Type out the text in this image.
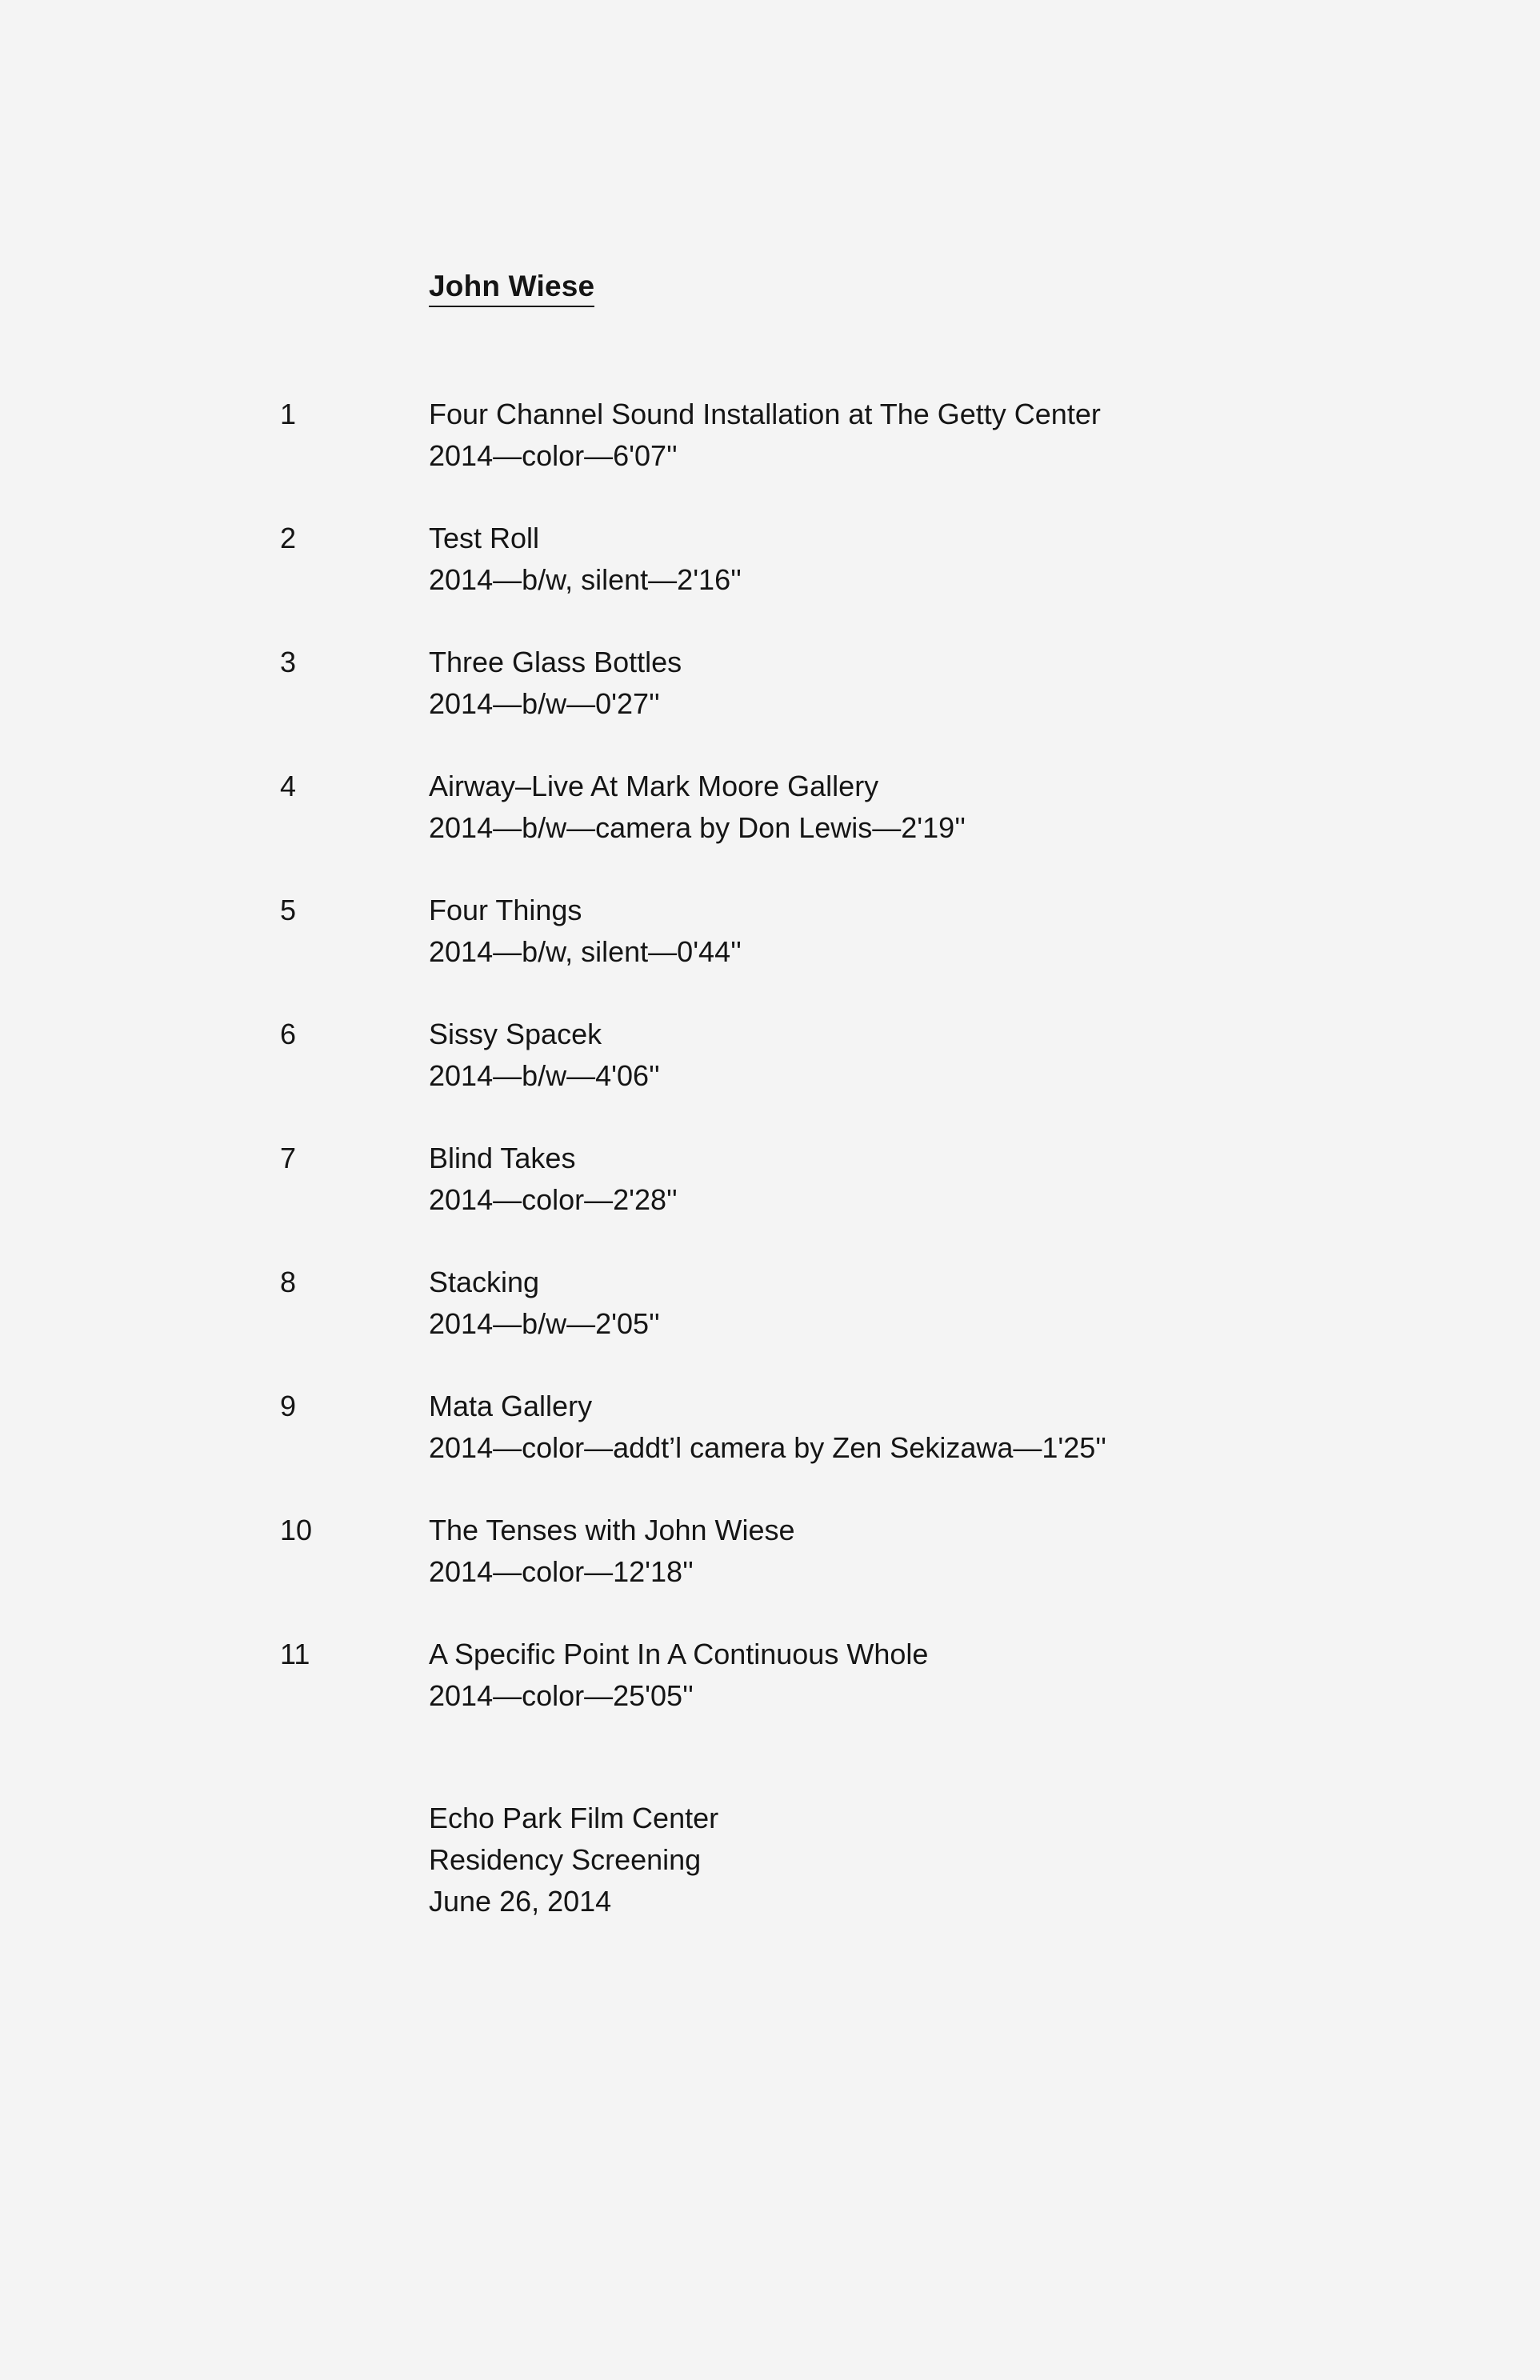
John Wiese
1	Four Channel Sound Installation at The Getty Center
2014—color—6'07''
2	Test Roll
2014—b/w, silent—2'16''
3	Three Glass Bottles
2014—b/w—0'27''
4	Airway–Live At Mark Moore Gallery
2014—b/w—camera by Don Lewis—2'19''
5	Four Things
2014—b/w, silent—0'44''
6	Sissy Spacek
2014—b/w—4'06''
7	Blind Takes
2014—color—2'28''
8	Stacking
2014—b/w—2'05''
9	Mata Gallery
2014—color—addt’l camera by Zen Sekizawa—1'25''
10	The Tenses with John Wiese
2014—color—12'18''
11	A Specific Point In A Continuous Whole
2014—color—25'05''
Echo Park Film Center
Residency Screening
June 26, 2014
